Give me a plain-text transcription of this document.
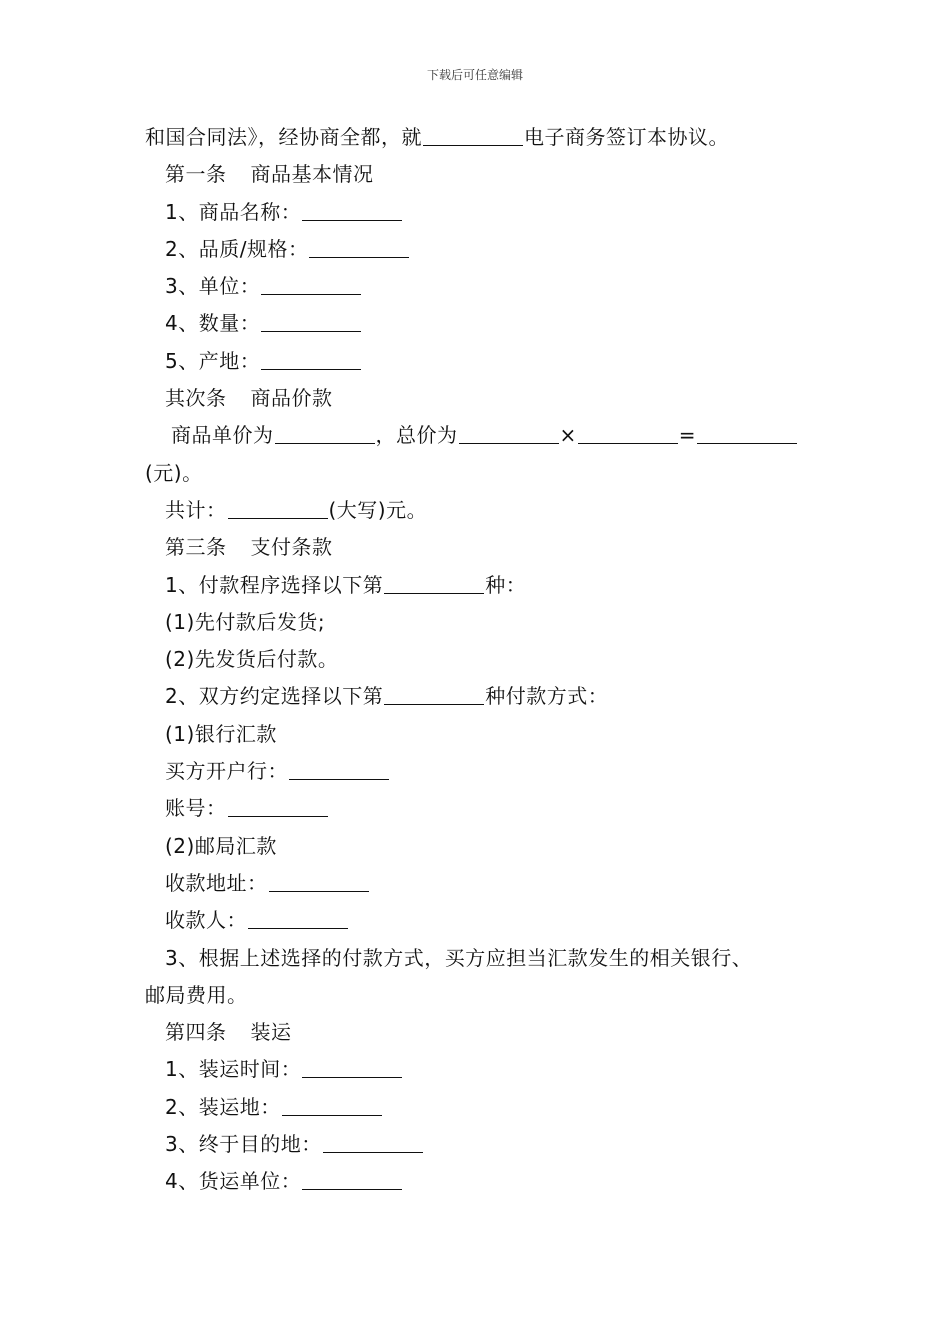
下载后可任意编辑
和国合同法》，经协商全都，就	电子商务签订本协议。
第一条 商品基本情况
1、商品名称：
2、品质/规格：
3、单位：
4、数量：
5、产地：
其次条 商品价款
商品单价为	，总价为	×	=
(元)。
共计：	(大写)元。
第三条 支付条款
1、付款程序选择以下第	种：
(1)先付款后发货;
(2)先发货后付款。
2、双方约定选择以下第	种付款方式：
(1)银行汇款
买方开户行：
账号：
(2)邮局汇款
收款地址：
收款人：
3、根据上述选择的付款方式，买方应担当汇款发生的相关银行、
邮局费用。
第四条 装运
1、装运时间：
2、装运地：
3、终于目的地：
4、货运单位：
